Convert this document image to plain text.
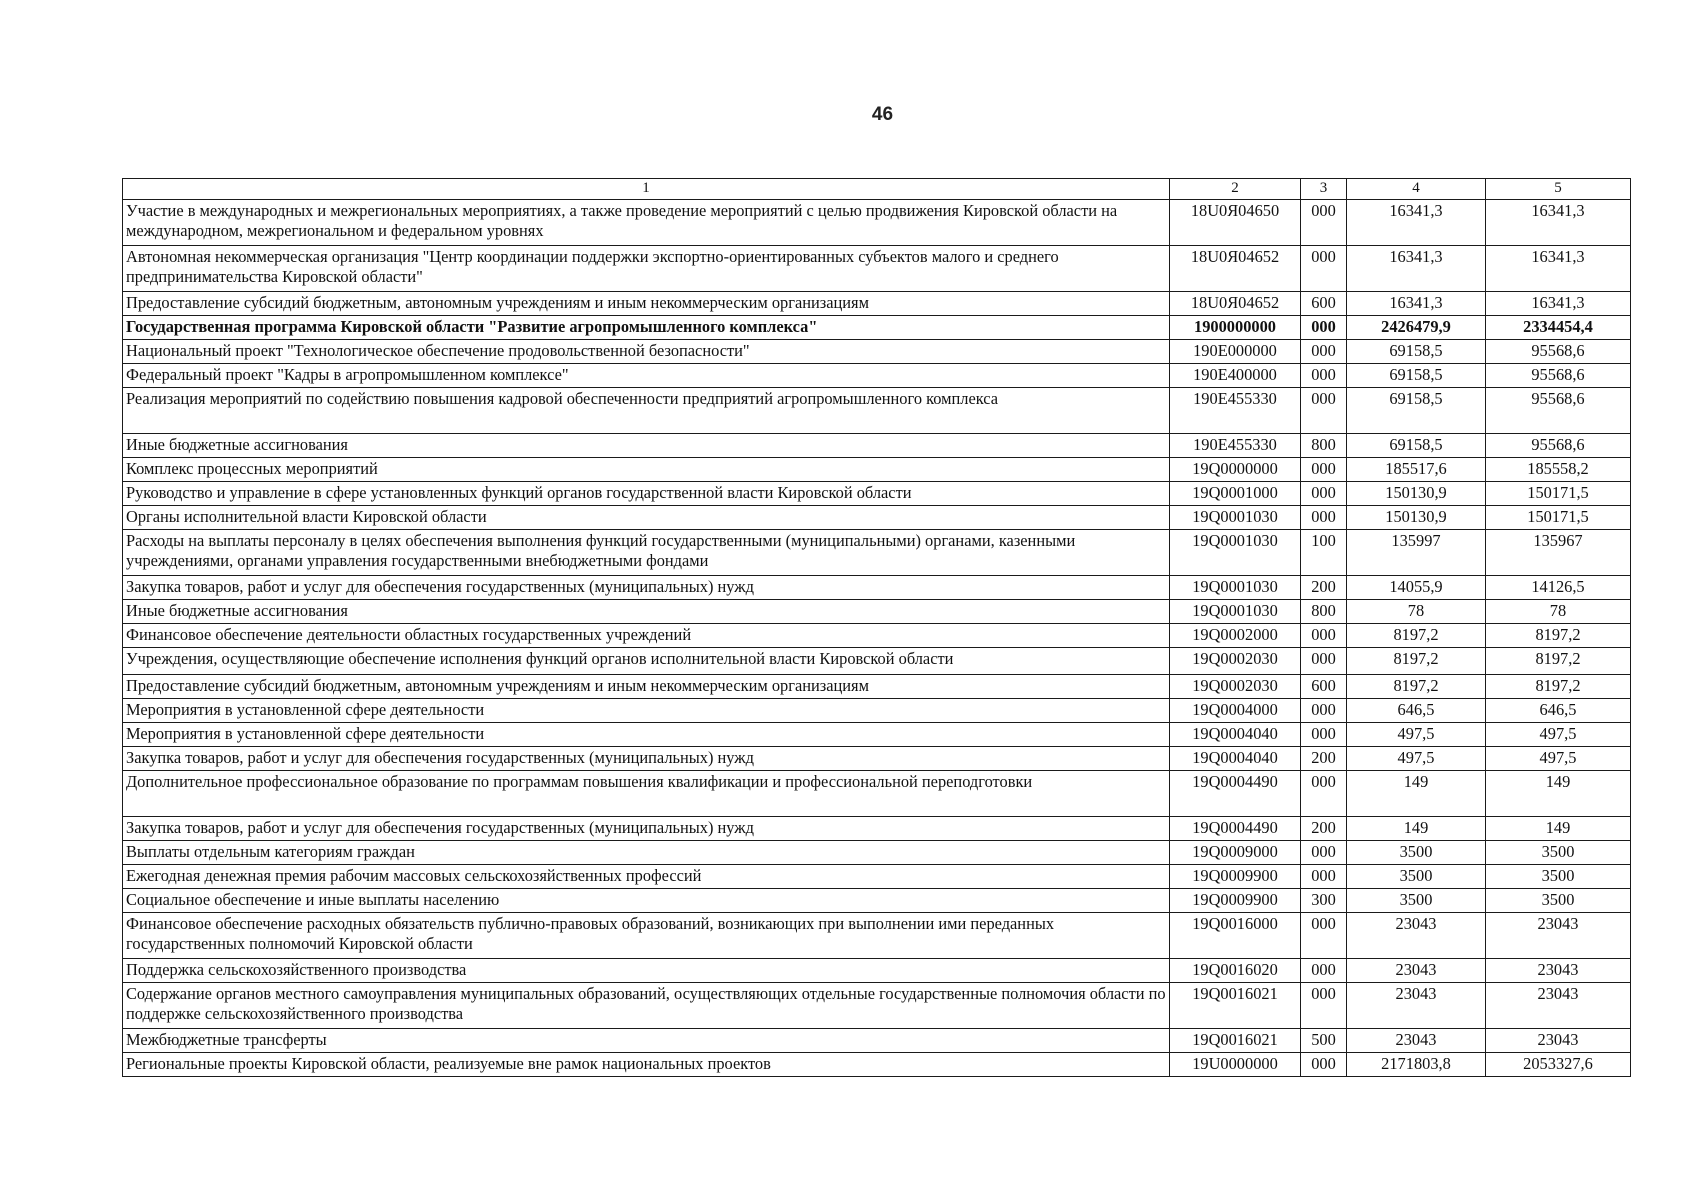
46
1	2	3	4	5
Участие в международных и межрегиональных мероприятиях, а также проведение мероприятий с целью продвижения Кировской области на международном, межрегиональном и федеральном уровнях	18U0Я04650	000	16341,3	16341,3
Автономная некоммерческая организация "Центр координации поддержки экспортно-ориентированных субъектов малого и среднего предпринимательства Кировской области"	18U0Я04652	000	16341,3	16341,3
Предоставление субсидий бюджетным, автономным учреждениям и иным некоммерческим организациям	18U0Я04652	600	16341,3	16341,3
Государственная программа Кировской области "Развитие агропромышленного комплекса"	1900000000	000	2426479,9	2334454,4
Национальный проект "Технологическое обеспечение продовольственной безопасности"	190Е000000	000	69158,5	95568,6
Федеральный проект "Кадры в агропромышленном комплексе"	190Е400000	000	69158,5	95568,6
Реализация мероприятий по содействию повышения кадровой обеспеченности предприятий агропромышленного комплекса	190Е455330	000	69158,5	95568,6
Иные бюджетные ассигнования	190Е455330	800	69158,5	95568,6
Комплекс процессных мероприятий	19Q0000000	000	185517,6	185558,2
Руководство и управление в сфере установленных функций органов государственной власти Кировской области	19Q0001000	000	150130,9	150171,5
Органы исполнительной власти Кировской области	19Q0001030	000	150130,9	150171,5
Расходы на выплаты персоналу в целях обеспечения выполнения функций государственными (муниципальными) органами, казенными учреждениями, органами управления государственными внебюджетными фондами	19Q0001030	100	135997	135967
Закупка товаров, работ и услуг для обеспечения государственных (муниципальных) нужд	19Q0001030	200	14055,9	14126,5
Иные бюджетные ассигнования	19Q0001030	800	78	78
Финансовое обеспечение деятельности областных государственных учреждений	19Q0002000	000	8197,2	8197,2
Учреждения, осуществляющие обеспечение исполнения функций органов исполнительной власти Кировской области	19Q0002030	000	8197,2	8197,2
Предоставление субсидий бюджетным, автономным учреждениям и иным некоммерческим организациям	19Q0002030	600	8197,2	8197,2
Мероприятия в установленной сфере деятельности	19Q0004000	000	646,5	646,5
Мероприятия в установленной сфере деятельности	19Q0004040	000	497,5	497,5
Закупка товаров, работ и услуг для обеспечения государственных (муниципальных) нужд	19Q0004040	200	497,5	497,5
Дополнительное профессиональное образование по программам повышения квалификации и профессиональной переподготовки	19Q0004490	000	149	149
Закупка товаров, работ и услуг для обеспечения государственных (муниципальных) нужд	19Q0004490	200	149	149
Выплаты отдельным категориям граждан	19Q0009000	000	3500	3500
Ежегодная денежная премия рабочим массовых сельскохозяйственных профессий	19Q0009900	000	3500	3500
Социальное обеспечение и иные выплаты населению	19Q0009900	300	3500	3500
Финансовое обеспечение расходных обязательств публично-правовых образований, возникающих при выполнении ими переданных государственных полномочий Кировской области	19Q0016000	000	23043	23043
Поддержка сельскохозяйственного производства	19Q0016020	000	23043	23043
Содержание органов местного самоуправления муниципальных образований, осуществляющих отдельные государственные полномочия области по поддержке сельскохозяйственного производства	19Q0016021	000	23043	23043
Межбюджетные трансферты	19Q0016021	500	23043	23043
Региональные проекты Кировской области, реализуемые вне рамок национальных проектов	19U0000000	000	2171803,8	2053327,6
